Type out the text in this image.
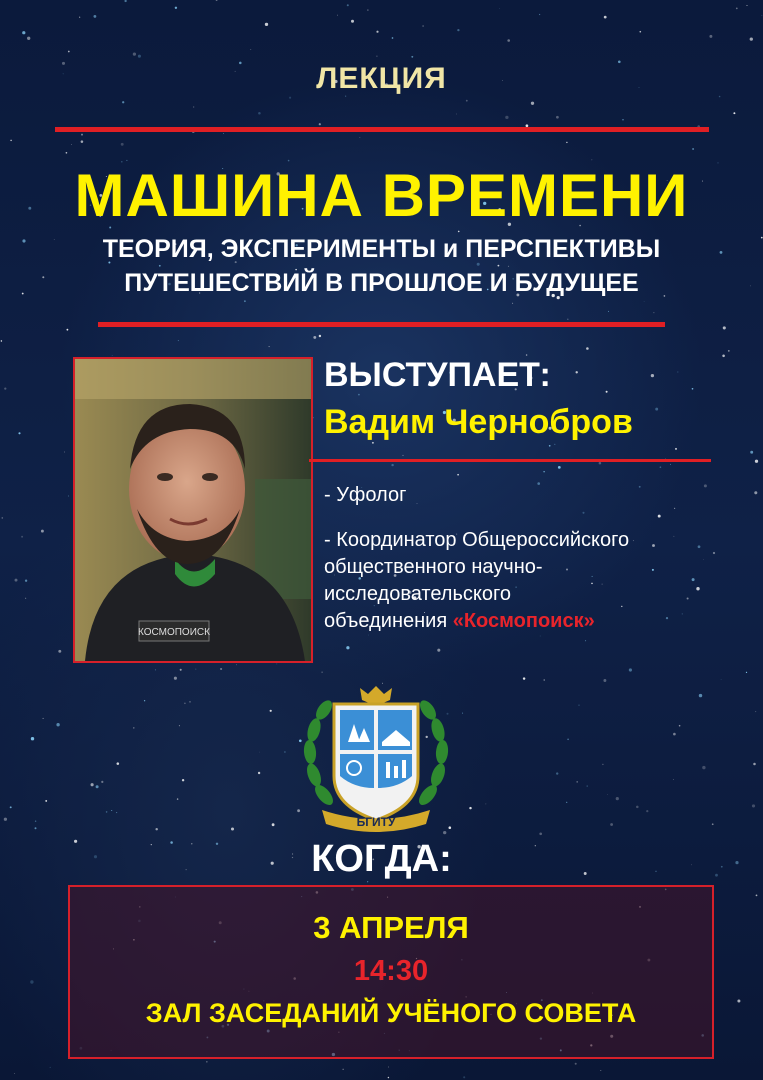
ЛЕКЦИЯ
МАШИНА ВРЕМЕНИ
ТЕОРИЯ, ЭКСПЕРИМЕНТЫ и ПЕРСПЕКТИВЫ
ПУТЕШЕСТВИЙ В ПРОШЛОЕ И БУДУЩЕЕ
КОСМОПОИСК
ВЫСТУПАЕТ:
Вадим Чернобров
- Уфолог
- Координатор Общероссийского
общественного научно-
исследовательского
объединения «Космопоиск»
БГИТУ
КОГДА:
3 АПРЕЛЯ
14:30
ЗАЛ ЗАСЕДАНИЙ УЧЁНОГО СОВЕТА
